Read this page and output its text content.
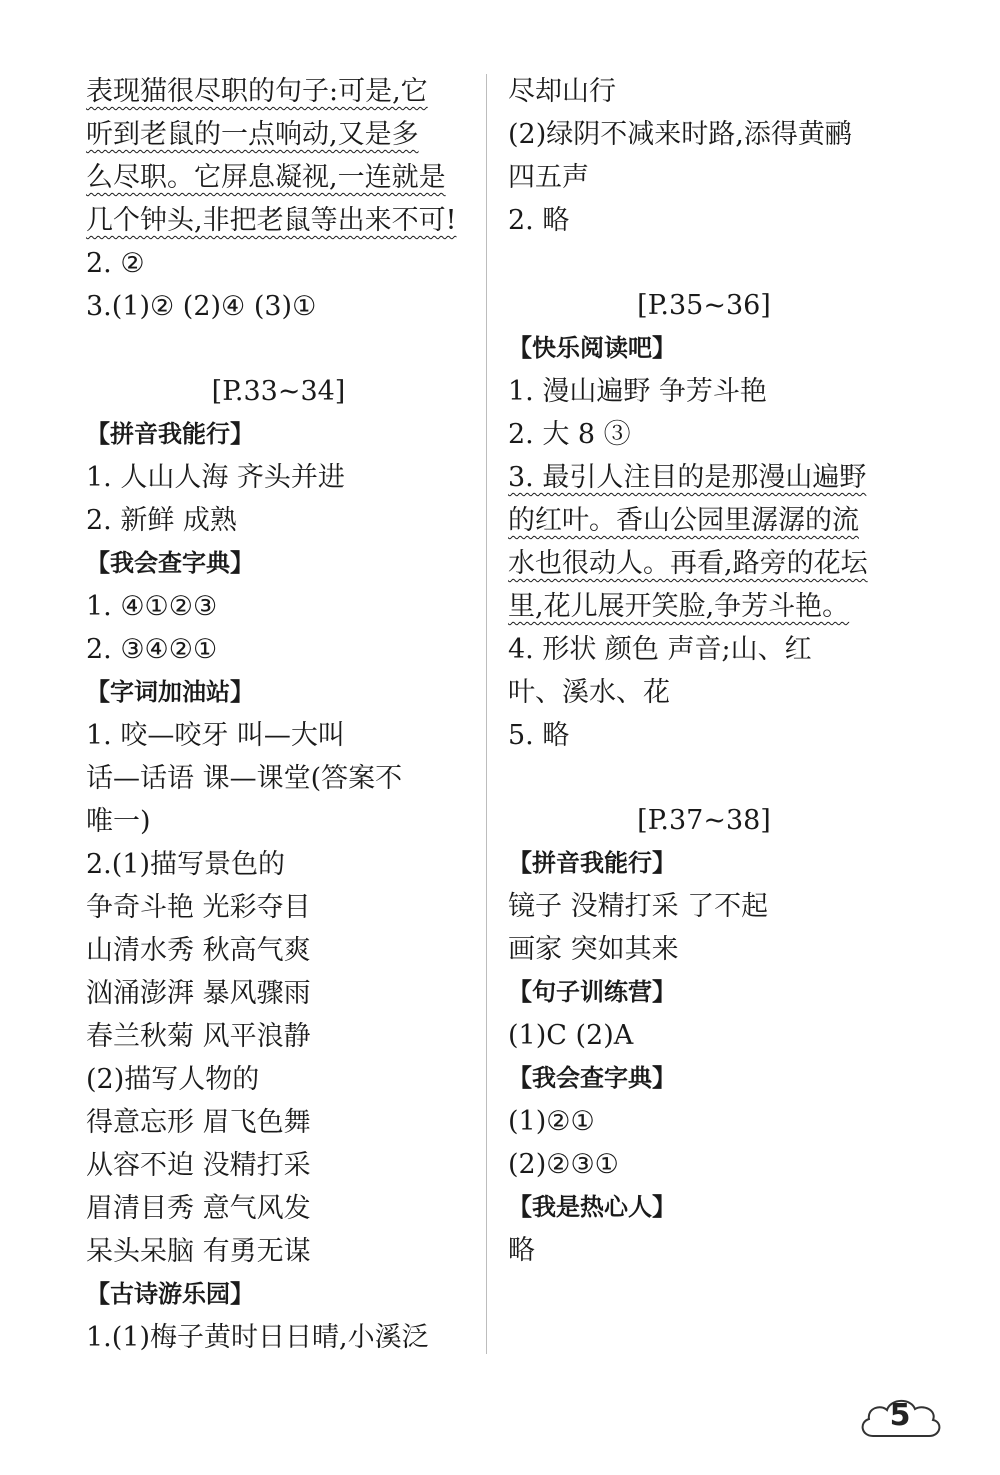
表现猫很尽职的句子:可是,它
听到老鼠的一点响动,又是多
么尽职。它屏息凝视,一连就是
几个钟头,非把老鼠等出来不可!
2. ②
3.(1)② (2)④ (3)①
[P.33~34]
【拼音我能行】
1. 人山人海 齐头并进
2. 新鲜 成熟
【我会查字典】
1. ④①②③
2. ③④②①
【字词加油站】
1. 咬—咬牙 叫—大叫
话—话语 课—课堂(答案不
唯一)
2.(1)描写景色的
争奇斗艳 光彩夺目
山清水秀 秋高气爽
汹涌澎湃 暴风骤雨
春兰秋菊 风平浪静
(2)描写人物的
得意忘形 眉飞色舞
从容不迫 没精打采
眉清目秀 意气风发
呆头呆脑 有勇无谋
【古诗游乐园】
1.(1)梅子黄时日日晴,小溪泛
尽却山行
(2)绿阴不减来时路,添得黄鹂
四五声
2. 略
[P.35~36]
【快乐阅读吧】
1. 漫山遍野 争芳斗艳
2. 大 8 ③
3. 最引人注目的是那漫山遍野
的红叶。香山公园里潺潺的流
水也很动人。再看,路旁的花坛
里,花儿展开笑脸,争芳斗艳。
4. 形状 颜色 声音;山、红
叶、溪水、花
5. 略
[P.37~38]
【拼音我能行】
镜子 没精打采 了不起
画家 突如其来
【句子训练营】
(1)C (2)A
【我会查字典】
(1)②①
(2)②③①
【我是热心人】
略
5
